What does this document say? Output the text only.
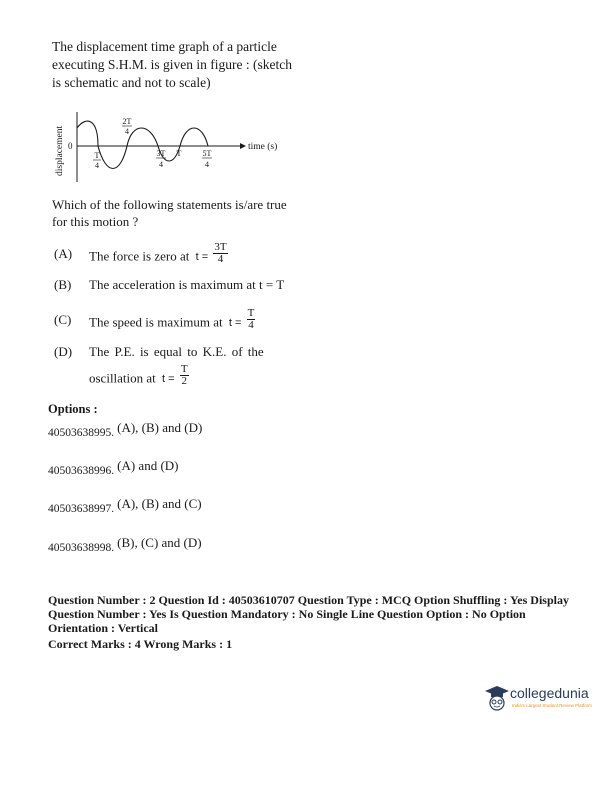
The displacement time graph of a particle executing S.H.M. is given in figure : (sketch is schematic and not to scale)
displacement	time (s)
0
T
4
2T
4
3T
4
T	5T
4
Which of the following statements is/are true for this motion ?
(A) The force is zero at $t = \frac{3T}{4}$
(B) The acceleration is maximum at t = T
(C) The speed is maximum at $t = \frac{T}{4}$
(D) The P.E. is equal to K.E. of the
oscillation at $t = \frac{T}{2}$
Options :
40503638995. (A), (B) and (D)
40503638996. (A) and (D)
40503638997. (A), (B) and (C)
40503638998. (B), (C) and (D)
Question Number : 2 Question Id : 40503610707 Question Type : MCQ Option Shuffling : Yes Display
Question Number : Yes Is Question Mandatory : No Single Line Question Option : No Option
Orientation : Vertical
Correct Marks : 4 Wrong Marks : 1
collegedunia
India's Largest Student Review Platform
